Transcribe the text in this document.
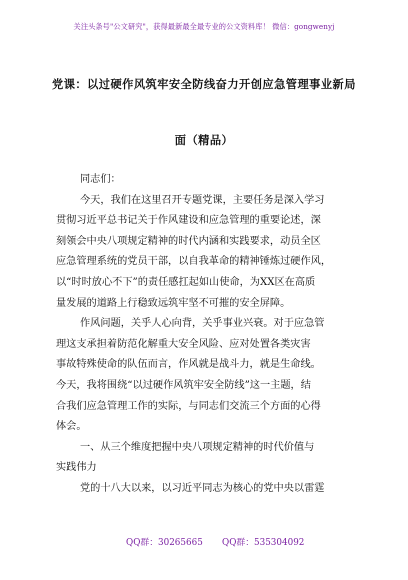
关注头条号"公文研究"，获得最新最全最专业的公文资料库！ 微信：gongwenyj
党课：以过硬作风筑牢安全防线奋力开创应急管理事业新局
面（精品）
同志们：
今天，我们在这里召开专题党课，主要任务是深入学习
贯彻习近平总书记关于作风建设和应急管理的重要论述，深
刻领会中央八项规定精神的时代内涵和实践要求，动员全区
应急管理系统的党员干部，以自我革命的精神锤炼过硬作风，
以“时时放心不下”的责任感扛起如山使命，为XX区在高质
量发展的道路上行稳致远筑牢坚不可摧的安全屏障。
作风问题，关乎人心向背，关乎事业兴衰。对于应急管
理这支承担着防范化解重大安全风险、应对处置各类灾害
事故特殊使命的队伍而言，作风就是战斗力，就是生命线。
今天，我将围绕“以过硬作风筑牢安全防线”这一主题，结
合我们应急管理工作的实际，与同志们交流三个方面的心得
体会。
一、从三个维度把握中央八项规定精神的时代价值与
实践伟力
党的十八大以来，以习近平同志为核心的党中央以雷霆
QQ群：30265665 QQ群：535304092
